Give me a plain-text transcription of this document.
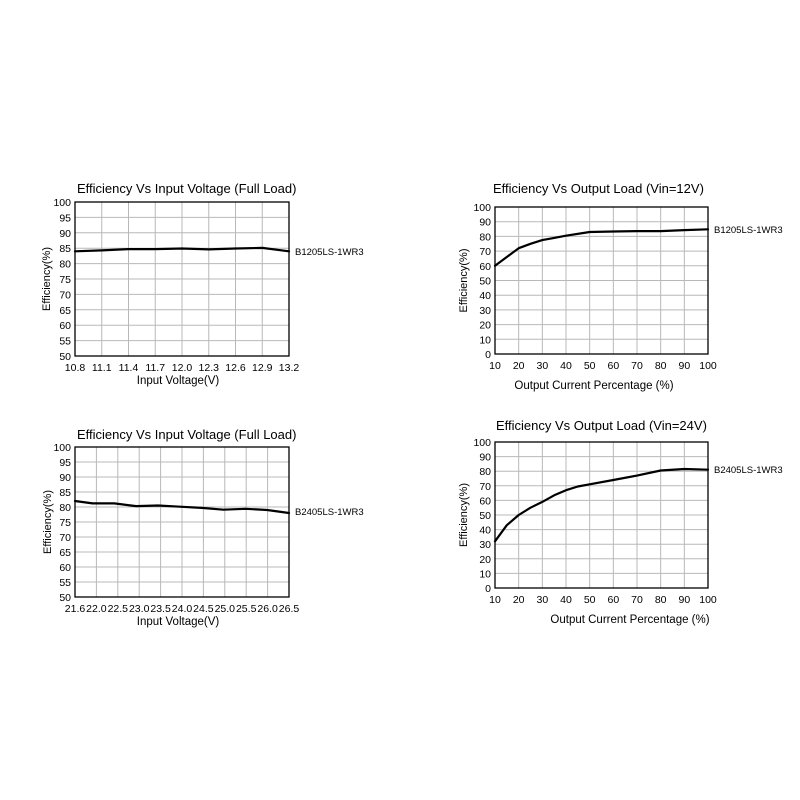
50
55
60
65
70
75
80
85
90
95
100
10.8 11.1 11.4 11.7 12.0 12.3 12.6 12.9 13.2
Efficiency Vs Input Voltage (Full Load)
Input Voltage(V)
Efficiency(%)	B1205LS-1WR3
0
10
20
30
40
50
60
70
80
90
100
10 20 30 40 50 60 70 80 90 100
Efficiency Vs Output Load (Vin=12V)
Output Current Percentage (%)
Efficiency(%)
B1205LS-1WR3
50
55
60
65
70
75
80
85
90
95
100
21.6 22.0 22.5 23.0 23.5 24.0 24.5 25.0 25.5 26.0 26.5
Efficiency Vs Input Voltage (Full Load)
Input Voltage(V)
Efficiency(%)	B2405LS-1WR3
0
10
20
30
40
50
60
70
80
90
100
10 20 30 40 50 60 70 80 90 100
Efficiency Vs Output Load (Vin=24V)
Output Current Percentage (%)
Efficiency(%)
B2405LS-1WR3
